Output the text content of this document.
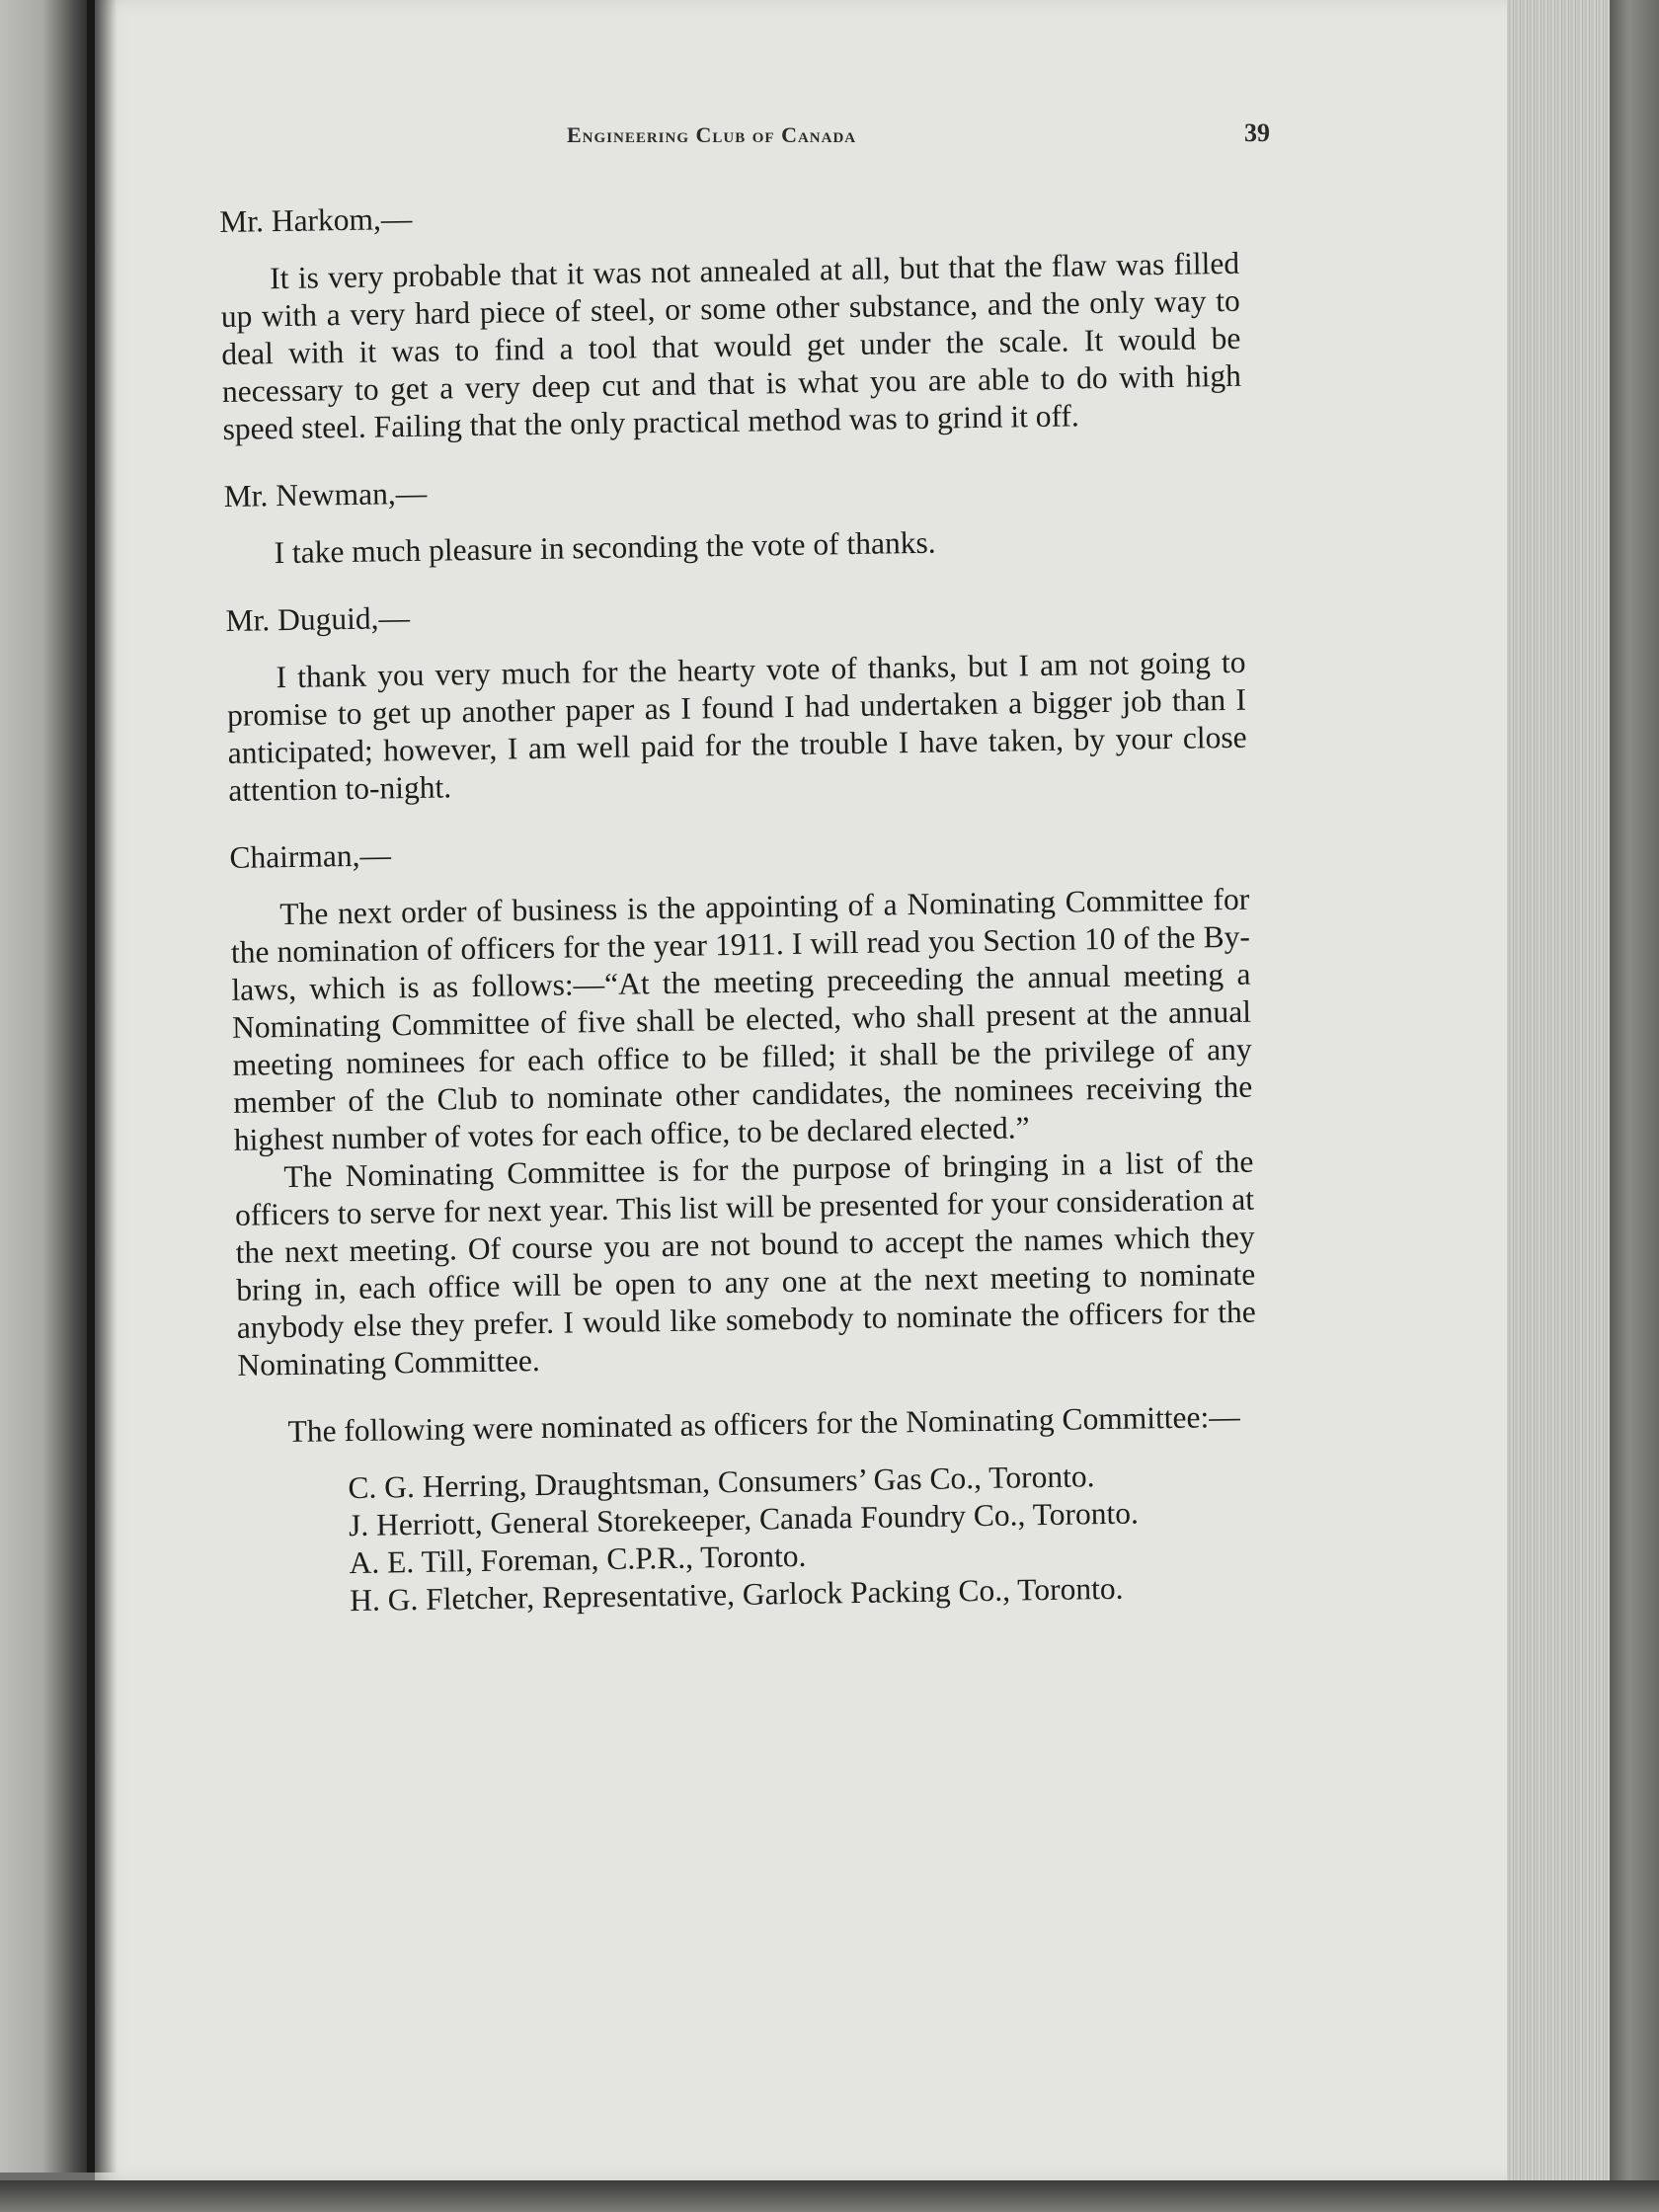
Engineering Club of Canada	39
Mr. Harkom,—

It is very probable that it was not annealed at all, but that the flaw was filled up with a very hard piece of steel, or some other substance, and the only way to deal with it was to find a tool that would get under the scale. It would be necessary to get a very deep cut and that is what you are able to do with high speed steel. Failing that the only practical method was to grind it off.

Mr. Newman,—

I take much pleasure in seconding the vote of thanks.

Mr. Duguid,—

I thank you very much for the hearty vote of thanks, but I am not going to promise to get up another paper as I found I had undertaken a bigger job than I anticipated; however, I am well paid for the trouble I have taken, by your close attention to-night.

Chairman,—

The next order of business is the appointing of a Nominating Committee for the nomination of officers for the year 1911. I will read you Section 10 of the By-laws, which is as follows:—“At the meeting preceeding the annual meeting a Nominating Committee of five shall be elected, who shall present at the annual meeting nominees for each office to be filled; it shall be the privilege of any member of the Club to nominate other candidates, the nominees receiving the highest number of votes for each office, to be declared elected.”

The Nominating Committee is for the purpose of bringing in a list of the officers to serve for next year. This list will be presented for your consideration at the next meeting. Of course you are not bound to accept the names which they bring in, each office will be open to any one at the next meeting to nominate anybody else they prefer. I would like somebody to nominate the officers for the Nominating Committee.

The following were nominated as officers for the Nominating Committee:—

C. G. Herring, Draughtsman, Consumers’ Gas Co., Toronto.
J. Herriott, General Storekeeper, Canada Foundry Co., Toronto.
A. E. Till, Foreman, C.P.R., Toronto.
H. G. Fletcher, Representative, Garlock Packing Co., Toronto.
